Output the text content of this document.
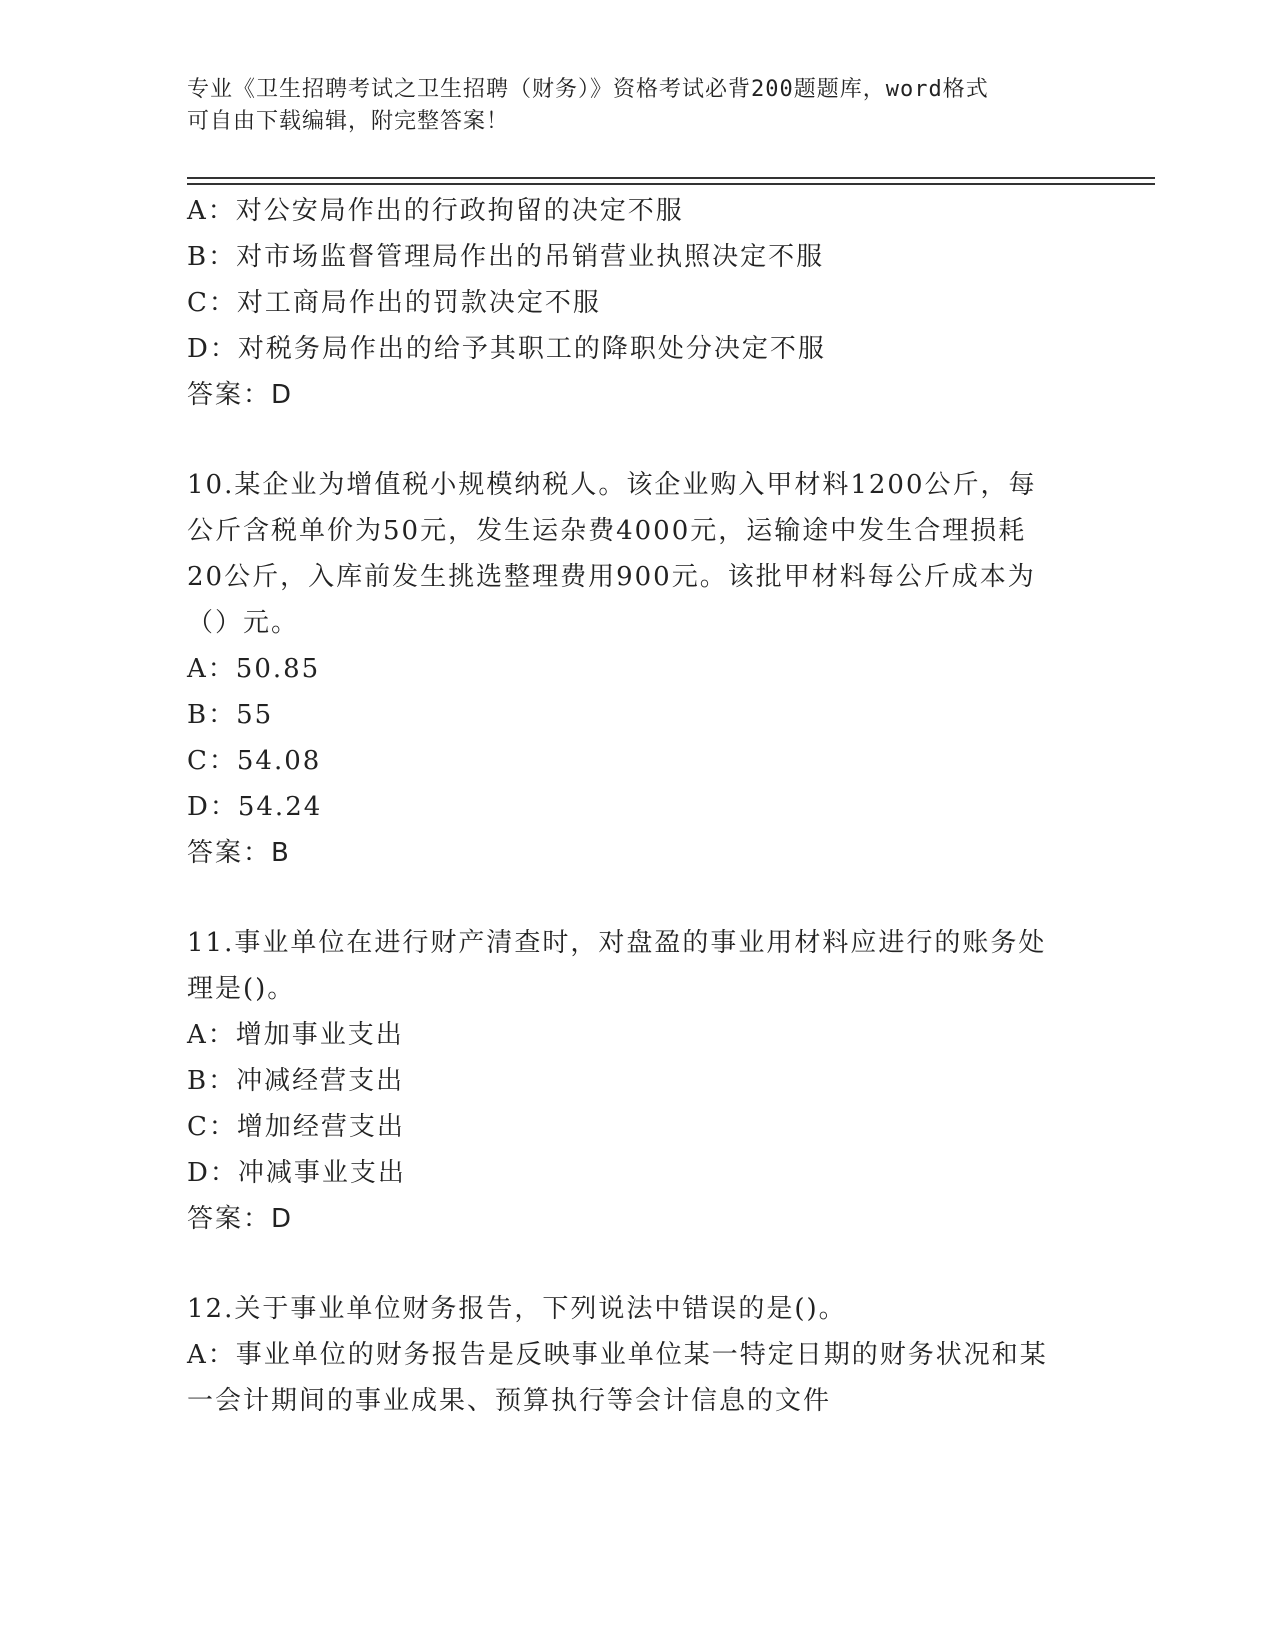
专业《卫生招聘考试之卫生招聘（财务）》资格考试必背200题题库，word格式
可自由下载编辑，附完整答案！
A：对公安局作出的行政拘留的决定不服
B：对市场监督管理局作出的吊销营业执照决定不服
C：对工商局作出的罚款决定不服
D：对税务局作出的给予其职工的降职处分决定不服
答案：D
10.某企业为增值税小规模纳税人。该企业购入甲材料1200公斤，每
公斤含税单价为50元，发生运杂费4000元，运输途中发生合理损耗
20公斤，入库前发生挑选整理费用900元。该批甲材料每公斤成本为
（）元。
A：50.85
B：55
C：54.08
D：54.24
答案：B
11.事业单位在进行财产清查时，对盘盈的事业用材料应进行的账务处
理是()。
A：增加事业支出
B：冲减经营支出
C：增加经营支出
D：冲减事业支出
答案：D
12.关于事业单位财务报告，下列说法中错误的是()。
A：事业单位的财务报告是反映事业单位某一特定日期的财务状况和某
一会计期间的事业成果、预算执行等会计信息的文件
